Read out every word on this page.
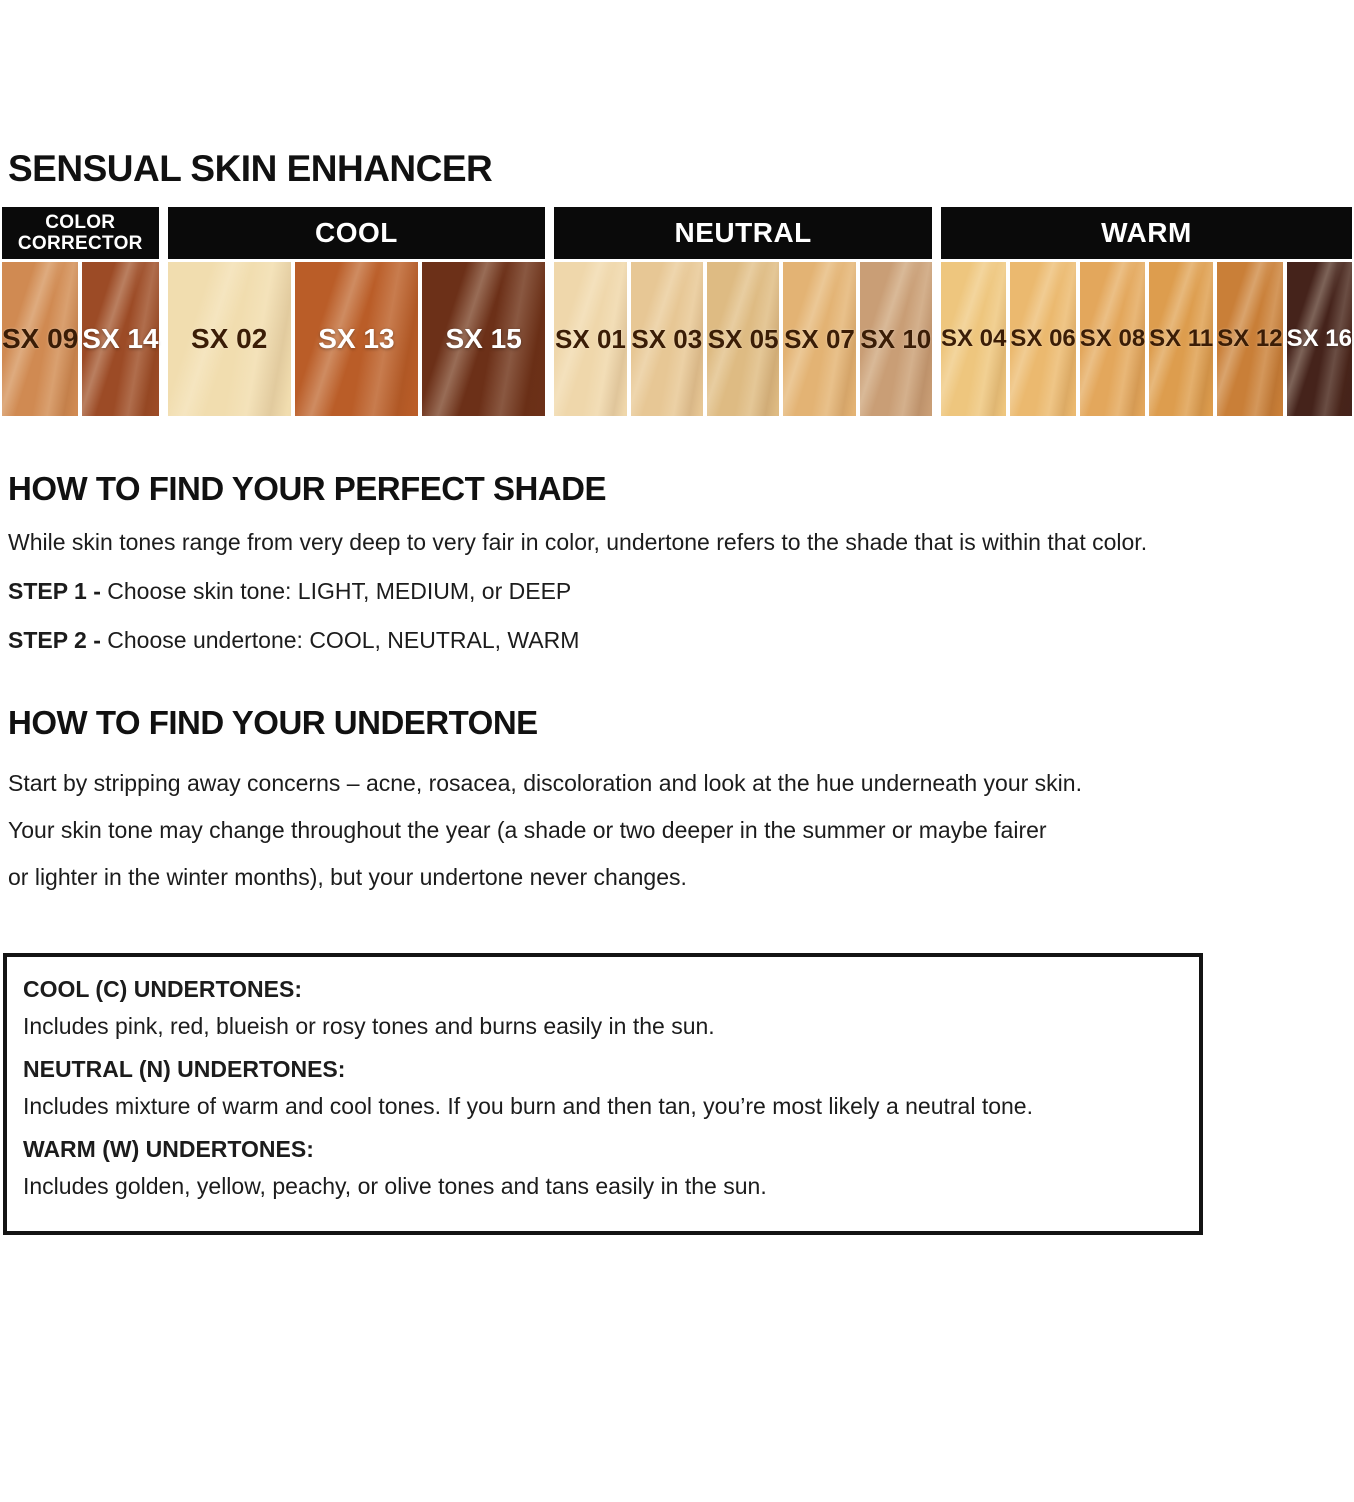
SENSUAL SKIN ENHANCER
COLOR CORRECTOR
SX 09 SX 14
COOL
SX 02	SX 13	SX 15
NEUTRAL
SX 01 SX 03 SX 05 SX 07 SX 10
WARM
SX 04 SX 06 SX 08 SX 11 SX 12 SX 16
HOW TO FIND YOUR PERFECT SHADE

While skin tones range from very deep to very fair in color, undertone refers to the shade that is within that color.

STEP 1 - Choose skin tone: LIGHT, MEDIUM, or DEEP

STEP 2 - Choose undertone: COOL, NEUTRAL, WARM

HOW TO FIND YOUR UNDERTONE
Start by stripping away concerns – acne, rosacea, discoloration and look at the hue underneath your skin.
Your skin tone may change throughout the year (a shade or two deeper in the summer or maybe fairer
or lighter in the winter months), but your undertone never changes.

COOL (C) UNDERTONES:

Includes pink, red, blueish or rosy tones and burns easily in the sun.

NEUTRAL (N) UNDERTONES:

Includes mixture of warm and cool tones. If you burn and then tan, you’re most likely a neutral tone.

WARM (W) UNDERTONES:

Includes golden, yellow, peachy, or olive tones and tans easily in the sun.
